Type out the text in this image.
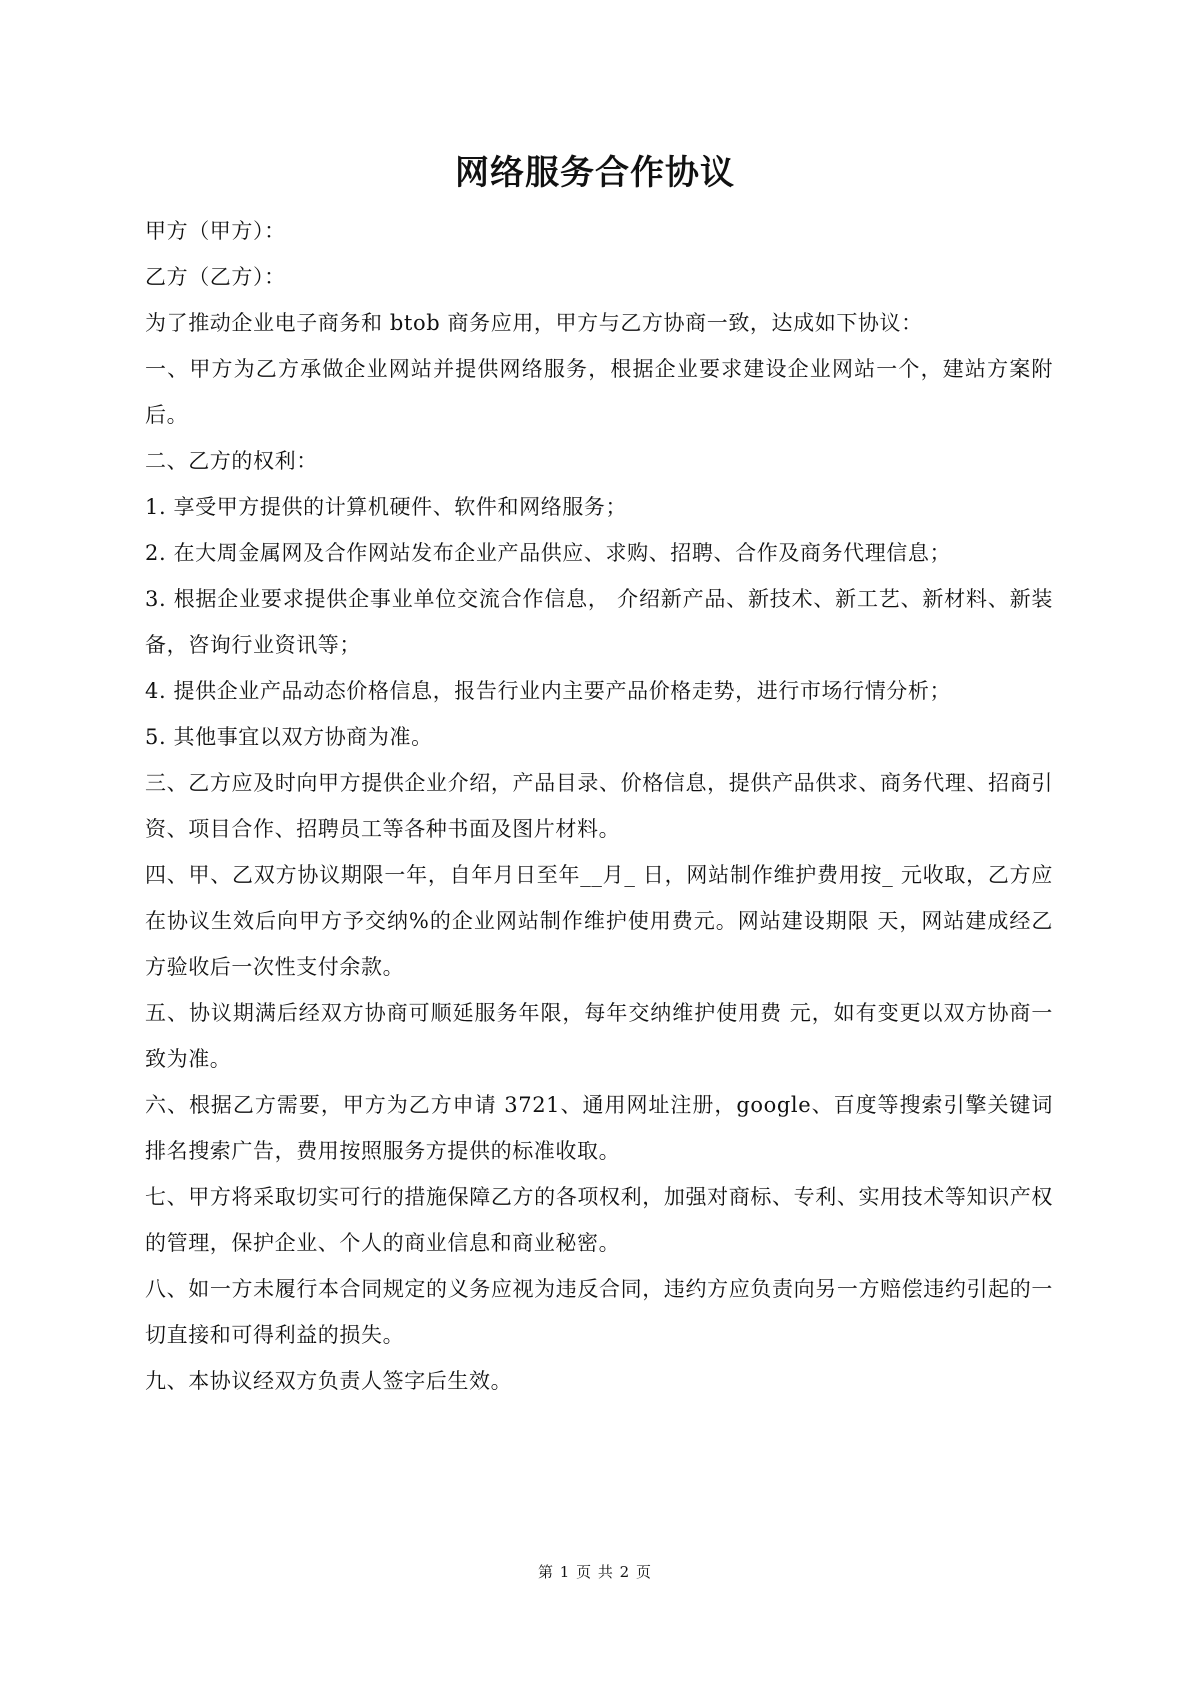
网络服务合作协议

甲方（甲方）：

乙方（乙方）：

为了推动企业电子商务和 btob 商务应用，甲方与乙方协商一致，达成如下协议：

一、甲方为乙方承做企业网站并提供网络服务，根据企业要求建设企业网站一个，建站方案附后。

二、乙方的权利：

1. 享受甲方提供的计算机硬件、软件和网络服务；

2. 在大周金属网及合作网站发布企业产品供应、求购、招聘、合作及商务代理信息；

3. 根据企业要求提供企事业单位交流合作信息， 介绍新产品、新技术、新工艺、新材料、新装备，咨询行业资讯等；

4. 提供企业产品动态价格信息，报告行业内主要产品价格走势，进行市场行情分析；

5. 其他事宜以双方协商为准。

三、乙方应及时向甲方提供企业介绍，产品目录、价格信息，提供产品供求、商务代理、招商引资、项目合作、招聘员工等各种书面及图片材料。

四、甲、乙双方协议期限一年，自年月日至年__月_ 日，网站制作维护费用按_ 元收取，乙方应在协议生效后向甲方予交纳%的企业网站制作维护使用费元。网站建设期限 天，网站建成经乙方验收后一次性支付余款。

五、协议期满后经双方协商可顺延服务年限，每年交纳维护使用费 元，如有变更以双方协商一致为准。

六、根据乙方需要，甲方为乙方申请 3721、通用网址注册，google、百度等搜索引擎关键词排名搜索广告，费用按照服务方提供的标准收取。

七、甲方将采取切实可行的措施保障乙方的各项权利，加强对商标、专利、实用技术等知识产权的管理，保护企业、个人的商业信息和商业秘密。

八、如一方未履行本合同规定的义务应视为违反合同，违约方应负责向另一方赔偿违约引起的一切直接和可得利益的损失。

九、本协议经双方负责人签字后生效。

第 1 页 共 2 页
